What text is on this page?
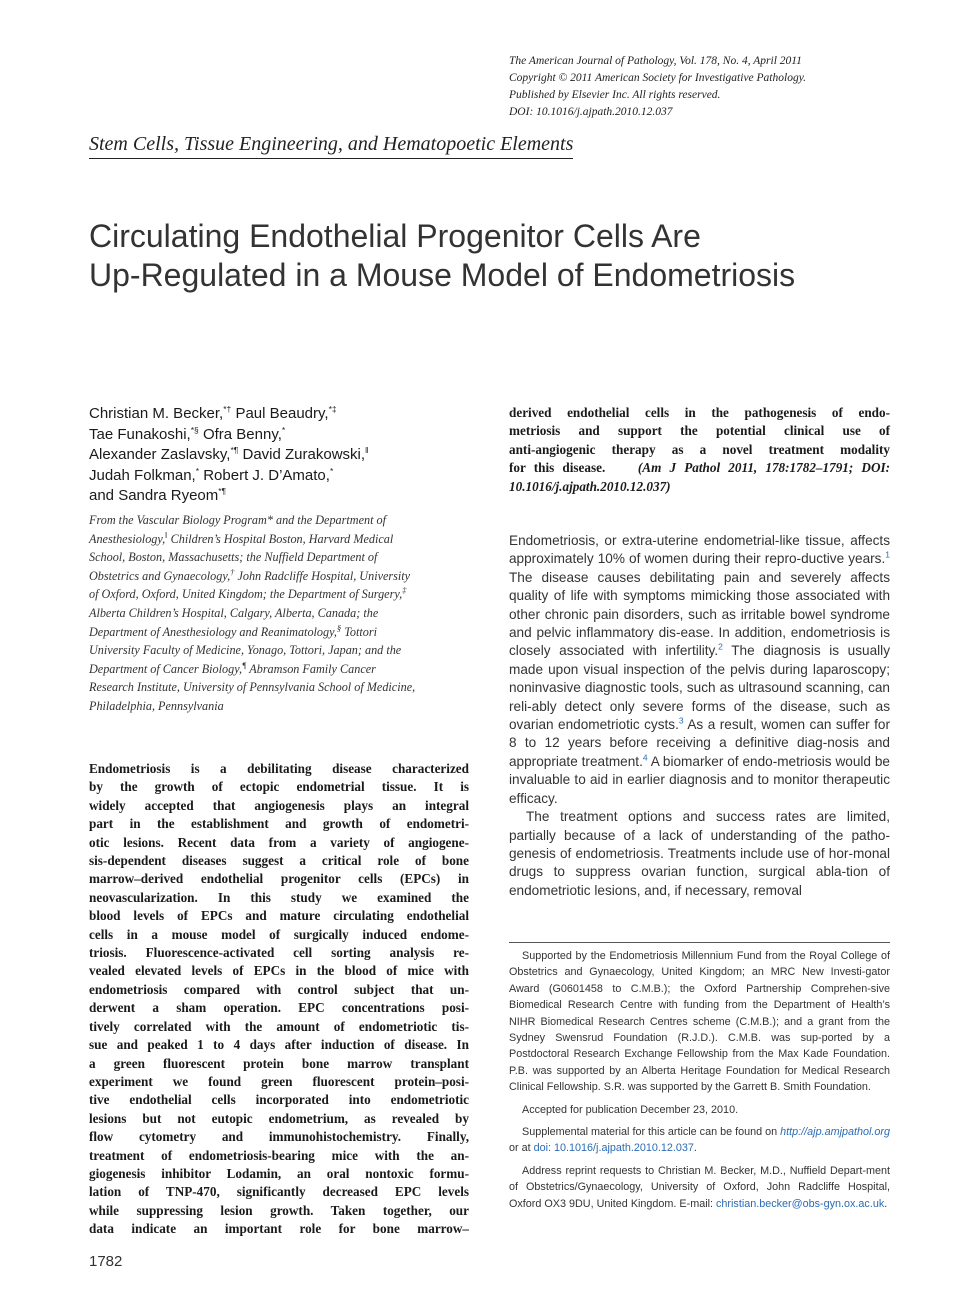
The American Journal of Pathology, Vol. 178, No. 4, April 2011
Copyright © 2011 American Society for Investigative Pathology.
Published by Elsevier Inc. All rights reserved.
DOI: 10.1016/j.ajpath.2010.12.037
Stem Cells, Tissue Engineering, and Hematopoetic Elements
Circulating Endothelial Progenitor Cells Are
Up-Regulated in a Mouse Model of Endometriosis
Christian M. Becker,*† Paul Beaudry,*‡
Tae Funakoshi,*§ Ofra Benny,*
Alexander Zaslavsky,*¶ David Zurakowski,‖
Judah Folkman,* Robert J. D’Amato,*
and Sandra Ryeom*¶
From the Vascular Biology Program* and the Department of
Anesthesiology,‖ Children’s Hospital Boston, Harvard Medical
School, Boston, Massachusetts; the Nuffield Department of
Obstetrics and Gynaecology,† John Radcliffe Hospital, University
of Oxford, Oxford, United Kingdom; the Department of Surgery,‡
Alberta Children’s Hospital, Calgary, Alberta, Canada; the
Department of Anesthesiology and Reanimatology,§ Tottori
University Faculty of Medicine, Yonago, Tottori, Japan; and the
Department of Cancer Biology,¶ Abramson Family Cancer
Research Institute, University of Pennsylvania School of Medicine,
Philadelphia, Pennsylvania
Endometriosis is a debilitating disease characterized
by the growth of ectopic endometrial tissue. It is
widely accepted that angiogenesis plays an integral
part in the establishment and growth of endometri-
otic lesions. Recent data from a variety of angiogene-
sis-dependent diseases suggest a critical role of bone
marrow–derived endothelial progenitor cells (EPCs) in
neovascularization. In this study we examined the
blood levels of EPCs and mature circulating endothelial
cells in a mouse model of surgically induced endome-
triosis. Fluorescence-activated cell sorting analysis re-
vealed elevated levels of EPCs in the blood of mice with
endometriosis compared with control subject that un-
derwent a sham operation. EPC concentrations posi-
tively correlated with the amount of endometriotic tis-
sue and peaked 1 to 4 days after induction of disease. In
a green fluorescent protein bone marrow transplant
experiment we found green fluorescent protein–posi-
tive endothelial cells incorporated into endometriotic
lesions but not eutopic endometrium, as revealed by
flow cytometry and immunohistochemistry. Finally,
treatment of endometriosis-bearing mice with the an-
giogenesis inhibitor Lodamin, an oral nontoxic formu-
lation of TNP-470, significantly decreased EPC levels
while suppressing lesion growth. Taken together, our
data indicate an important role for bone marrow–
derived endothelial cells in the pathogenesis of endo-
metriosis and support the potential clinical use of
anti-angiogenic therapy as a novel treatment modality
for this disease. (Am J Pathol 2011, 178:1782–1791; DOI:
10.1016/j.ajpath.2010.12.037)
Endometriosis, or extra-uterine endometrial-like tissue, affects approximately 10% of women during their repro-ductive years.$^1$ The disease causes debilitating pain and severely affects quality of life with symptoms mimicking those associated with other chronic pain disorders, such as irritable bowel syndrome and pelvic inflammatory dis-ease. In addition, endometriosis is closely associated with infertility.$^2$ The diagnosis is usually made upon visual inspection of the pelvis during laparoscopy; noninvasive diagnostic tools, such as ultrasound scanning, can reli-ably detect only severe forms of the disease, such as ovarian endometriotic cysts.$^3$ As a result, women can suffer for 8 to 12 years before receiving a definitive diag-nosis and appropriate treatment.$^4$ A biomarker of endo-metriosis would be invaluable to aid in earlier diagnosis and to monitor therapeutic efficacy.
The treatment options and success rates are limited, partially because of a lack of understanding of the patho-genesis of endometriosis. Treatments include use of hor-monal drugs to suppress ovarian function, surgical abla-tion of endometriotic lesions, and, if necessary, removal
Supported by the Endometriosis Millennium Fund from the Royal College of Obstetrics and Gynaecology, United Kingdom; an MRC New Investi-gator Award (G0601458 to C.M.B.); the Oxford Partnership Comprehen-sive Biomedical Research Centre with funding from the Department of Health’s NIHR Biomedical Research Centres scheme (C.M.B.); and a grant from the Sydney Swensrud Foundation (R.J.D.). C.M.B. was sup-ported by a Postdoctoral Research Exchange Fellowship from the Max Kade Foundation. P.B. was supported by an Alberta Heritage Foundation for Medical Research Clinical Fellowship. S.R. was supported by the Garrett B. Smith Foundation.
Accepted for publication December 23, 2010.
Supplemental material for this article can be found on http://ajp.amjpathol.org or at doi: 10.1016/j.ajpath.2010.12.037.
Address reprint requests to Christian M. Becker, M.D., Nuffield Depart-ment of Obstetrics/Gynaecology, University of Oxford, John Radcliffe Hospital, Oxford OX3 9DU, United Kingdom. E-mail: christian.becker@obs-gyn.ox.ac.uk.
1782
